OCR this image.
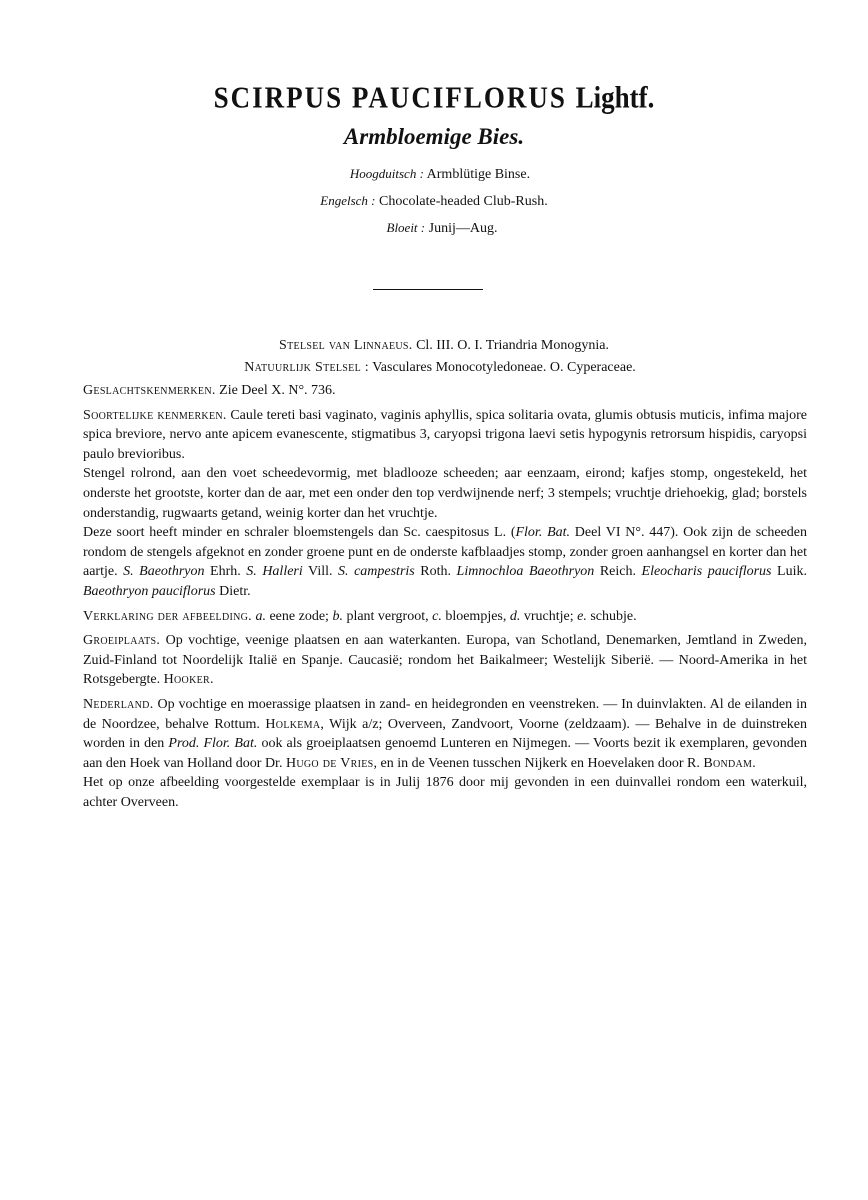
SCIRPUS PAUCIFLORUS Lightf.
Armbloemige Bies.
Hoogduitsch : Armblütige Binse.
Engelsch : Chocolate-headed Club-Rush.
Bloeit : Junij—Aug.
Stelsel van Linnaeus. Cl. III. O. I. Triandria Monogynia.
Natuurlijk Stelsel : Vasculares Monocotyledoneae. O. Cyperaceae.

Geslachtskenmerken. Zie Deel X. N°. 736.

Soortelijke kenmerken. Caule tereti basi vaginato, vaginis aphyllis, spica solitaria ovata, glumis obtusis muticis, infima majore spica breviore, nervo ante apicem evanescente, stigmatibus 3, caryopsi trigona laevi setis hypogynis retrorsum hispidis, caryopsi paulo brevioribus.

Stengel rolrond, aan den voet scheedevormig, met bladlooze scheeden; aar eenzaam, eirond; kafjes stomp, ongestekeld, het onderste het grootste, korter dan de aar, met een onder den top verdwijnende nerf; 3 stempels; vruchtje driehoekig, glad; borstels onderstandig, rugwaarts getand, weinig korter dan het vruchtje.

Deze soort heeft minder en schraler bloemstengels dan Sc. caespitosus L. (Flor. Bat. Deel VI N°. 447). Ook zijn de scheeden rondom de stengels afgeknot en zonder groene punt en de onderste kafblaadjes stomp, zonder groen aanhangsel en korter dan het aartje. S. Baeothryon Ehrh. S. Halleri Vill. S. campestris Roth. Limnochloa Baeothryon Reich. Eleocharis pauciflorus Luik. Baeothryon pauciflorus Dietr.

Verklaring der afbeelding. a. eene zode; b. plant vergroot, c. bloempjes, d. vruchtje; e. schubje.

Groeiplaats. Op vochtige, veenige plaatsen en aan waterkanten. Europa, van Schotland, Denemarken, Jemtland in Zweden, Zuid-Finland tot Noordelijk Italië en Spanje. Caucasië; rondom het Baikalmeer; Westelijk Siberië. — Noord-Amerika in het Rotsgebergte. Hooker.

Nederland. Op vochtige en moerassige plaatsen in zand- en heidegronden en veenstreken. — In duinvlakten. Al de eilanden in de Noordzee, behalve Rottum. Holkema, Wijk a/z; Overveen, Zandvoort, Voorne (zeldzaam). — Behalve in de duinstreken worden in den Prod. Flor. Bat. ook als groeiplaatsen genoemd Lunteren en Nijmegen. — Voorts bezit ik exemplaren, gevonden aan den Hoek van Holland door Dr. Hugo de Vries, en in de Veenen tusschen Nijkerk en Hoevelaken door R. Bondam.

Het op onze afbeelding voorgestelde exemplaar is in Julij 1876 door mij gevonden in een duinvallei rondom een waterkuil, achter Overveen.
